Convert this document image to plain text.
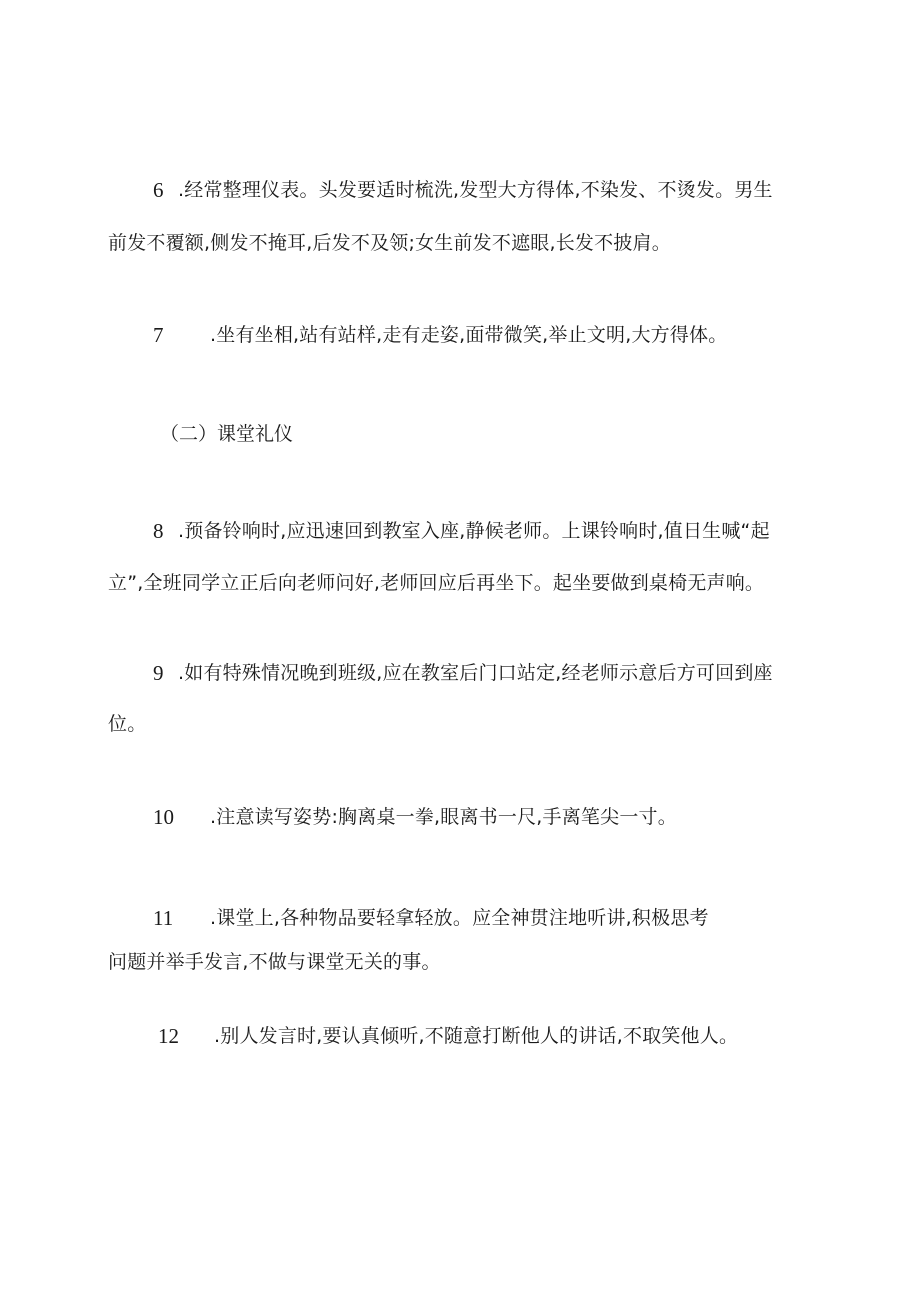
6 .经常整理仪表。头发要适时梳洗,发型大方得体,不染发、不烫发。男生
前发不覆额,侧发不掩耳,后发不及领;女生前发不遮眼,长发不披肩。
7 .坐有坐相,站有站样,走有走姿,面带微笑,举止文明,大方得体。
（二）课堂礼仪
8 .预备铃响时,应迅速回到教室入座,静候老师。上课铃响时,值日生喊“起
立”,全班同学立正后向老师问好,老师回应后再坐下。起坐要做到桌椅无声响。
9 .如有特殊情况晚到班级,应在教室后门口站定,经老师示意后方可回到座
位。
10 .注意读写姿势:胸离桌一拳,眼离书一尺,手离笔尖一寸。
11 .课堂上,各种物品要轻拿轻放。应全神贯注地听讲,积极思考
问题并举手发言,不做与课堂无关的事。
12 .别人发言时,要认真倾听,不随意打断他人的讲话,不取笑他人。
